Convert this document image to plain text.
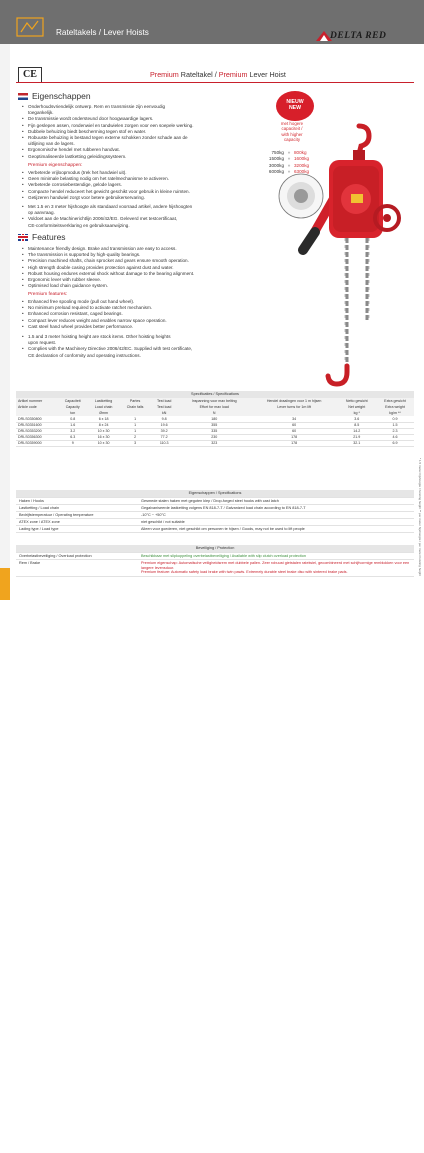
Rateltakels / Lever Hoists	DELTA RED
K14
CE	Premium Rateltakel / Premium Lever Hoist
Eigenschappen
• Onderhoudsvriendelijk ontwerp. Rem en transmissie zijn eenvoudig
toegankelijk.
• De transmissie wordt ondersteund door hoogwaardige lagers.
• Fijn geslepen assen, rondenwiel en tandwielen zorgen voor een soepele werking.
• Dubbele behuizing biedt bescherming tegen stof en water.
• Robuuste behuizing is bestand tegen externe schokken zonder schade aan de
uitlijning van de lagers.
• Ergonomische hendel met rubberen handvat.
• Geoptimaliseerde lastketting geleidingssysteem.
Premium eigenschappen:
• Verbeterde vrijloopmodus (trek het handwiel uit).
• Geen minimale belasting nodig om het ratelmechanisme te activeren.
• Verbeterde corrosiebestendige, gelode lagers.
• Compacte hendel reduceert het gewicht geschikt voor gebruik in kleine ruimten.
• Getijzeren handwiel zorgt voor betere gebruikerservaring.
• Met 1.5 en 3 meter hijshoogte als standaard voorraad artikel, andere hijshoogten
op aanvraag.
• Voldoet aan de Machinerichtlijn 2006/42/EG. Geleverd met testcertificaat,
CE-conformiteitsverklaring en gebruiksaanwijzing.
Features
• Maintenance friendly design. Brake and transmission are easy to access.
• The transmission is supported by high-quality bearings.
• Precision machined shafts, chain sprocket and gears ensure smooth operation.
• High strength double casing provides protection against dust and water.
• Robust housing endures external shock without damage to the bearing alignment.
• Ergonomic lever with rubber sleeve.
• Optimised load chain guidance system.
Premium features:
• Enhanced free spooling mode (pull out hand wheel).
• No minimum preload required to activate ratchet mechanism.
• Enhanced corrosion resistant, caged bearings.
• Compact lever reduces weight and enables narrow space operation.
• Cast steel hand wheel provides better performance.
• 1.5 and 3 meter hoisting height are stock items. Other hoisting heights
upon request.
• Complies with the Machinery Directive 2006/42/EC. Supplied with test certificate,
CE declaration of conformity and operating instructions.
NIEUW
NEW
met hogere
capaciteit /
with higher
capacity
750kg » 800kg
1500kg » 1600kg
3000kg » 3200kg
6000kg » 6300kg
Specificaties / Specifications
Artikel nummer	Capaciteit	Lastketting	Partes	Test load	Inspanning voor max belting	Hendel draaiingen voor 1 m hijsen	Netto gewicht	Extra gewicht
Article code	Capacity	Load chain	Chain falls	Test load	Effort for max load	Lever turns for 1m lift	Net weight	Extra weight
	ton	Ømm		kN	N		kg *	kg/m **
DRLS0350800	0.8	6 x 18	1	9.8	180	34	3.6	0.9
DRLS0351600	1.6	8 x 24	1	19.6	355	60	8.5	1.5
DRLS0353200	3.2	10 x 30	1	39.2	335	60	14.2	2.3
DRLS0356300	6.3	16 x 30	2	77.2	230	178	21.9	4.6
DRLS0359000	9	10 x 30	3	110.3	323	178	32.1	6.9
* 1.5 meter hijshoogte / hoisting height ** per meter hijshoogte / per meter hoisting height
Eigenschappen / Specifications	
Haken / Hooks	Gesmede stalen haken met gegoten klep / Drop-forged steel hooks with cast latch
Lastketting / Load chain	Gegalvaniseerde lastketting volgens EN 818-7-T / Galvanized load chain according to EN 818-7-T
Bedrijfstemperatuur / Operating temperature	-10°C ~ +50°C
ATEX zone / ATEX zone	niet geschikt / not suitable
Lading type / Load type	Alleen voor goederen, niet geschikt om personen te hijsen / Goods, may not be used to lift people
Beveiliging / Protection	
Overbelastbeveiliging / Overload protection	Beschikbaar met slipkoppeling overbelastbeveiliging / Available with slip clutch overload protection
Rem / Brake	Premium eigenschap: Automatische veiligheidsrem met dubbele pallen. Zeer robuust gietstalen ratelwiel, gecombineerd met schijfvormige remblokken voor een langere levensduur.
Premium feature: Automatic safety load brake with twin pawls. Extremely durable steel brake disc with sintered brake pads.
